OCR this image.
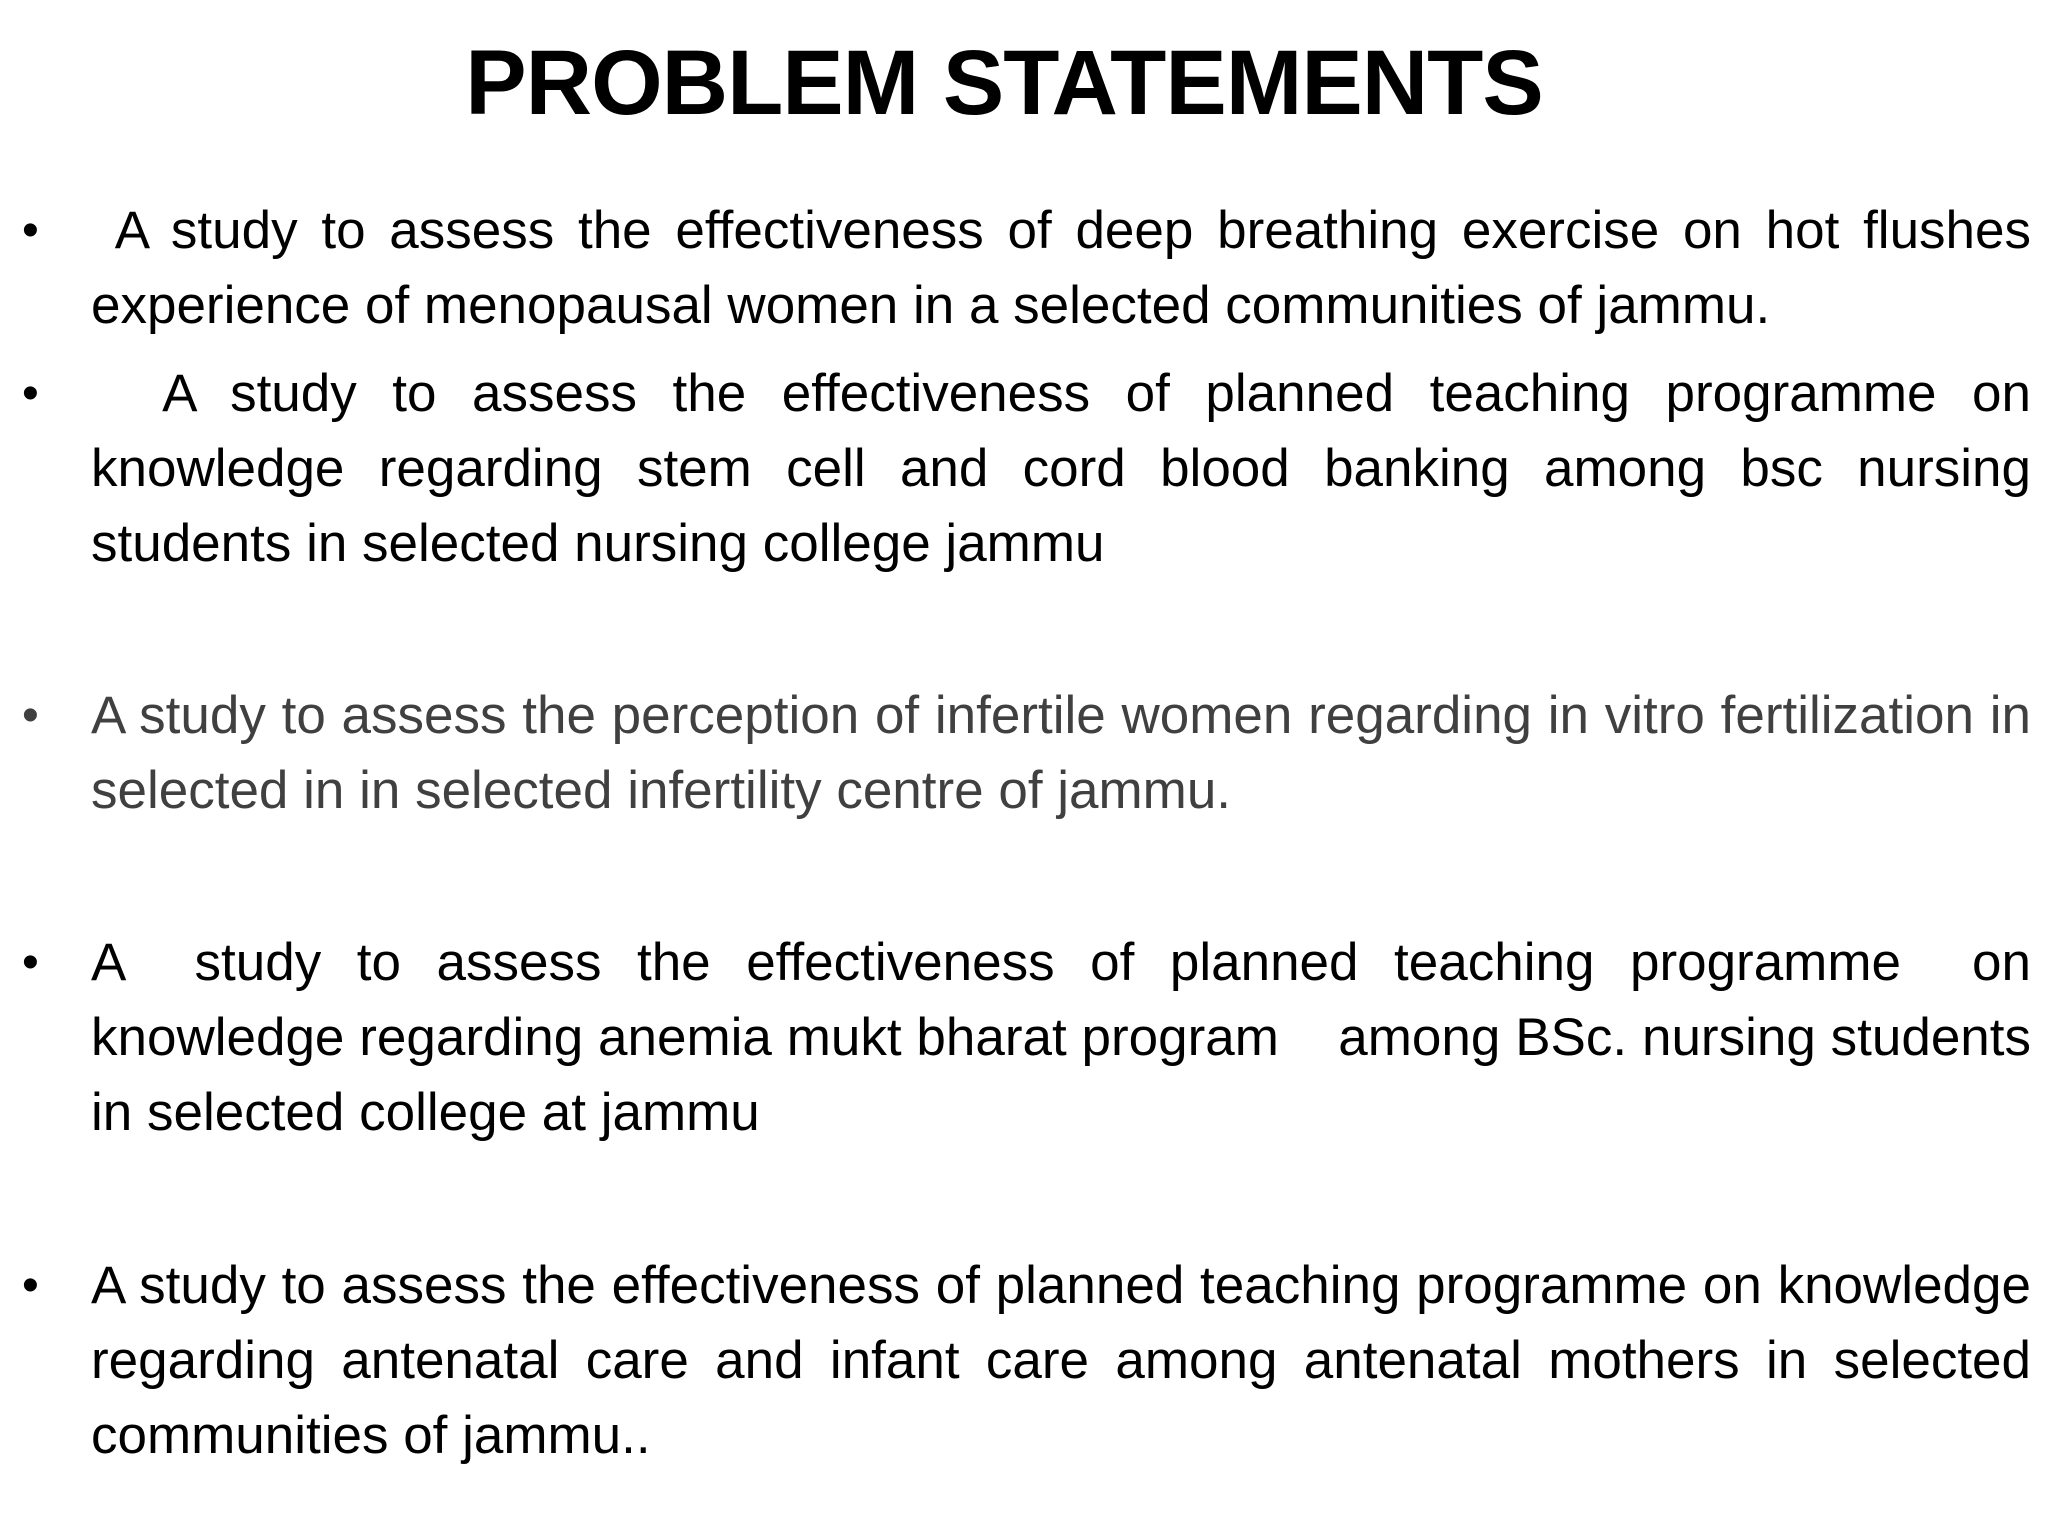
PROBLEM STATEMENTS
• A study to assess the effectiveness of deep breathing exercise on hot flushes experience of menopausal women in a selected communities of jammu.
• A study to assess the effectiveness of planned teaching programme on knowledge regarding stem cell and cord blood banking among bsc nursing students in selected nursing college jammu
• A study to assess the perception of infertile women regarding in vitro fertilization in selected in in selected infertility centre of jammu.
• A  study to assess the effectiveness of planned teaching programme  on knowledge regarding anemia mukt bharat program    among BSc. nursing students in selected college at jammu
• A study to assess the effectiveness of planned teaching programme on knowledge regarding antenatal care and infant care among antenatal mothers in selected communities of jammu..
